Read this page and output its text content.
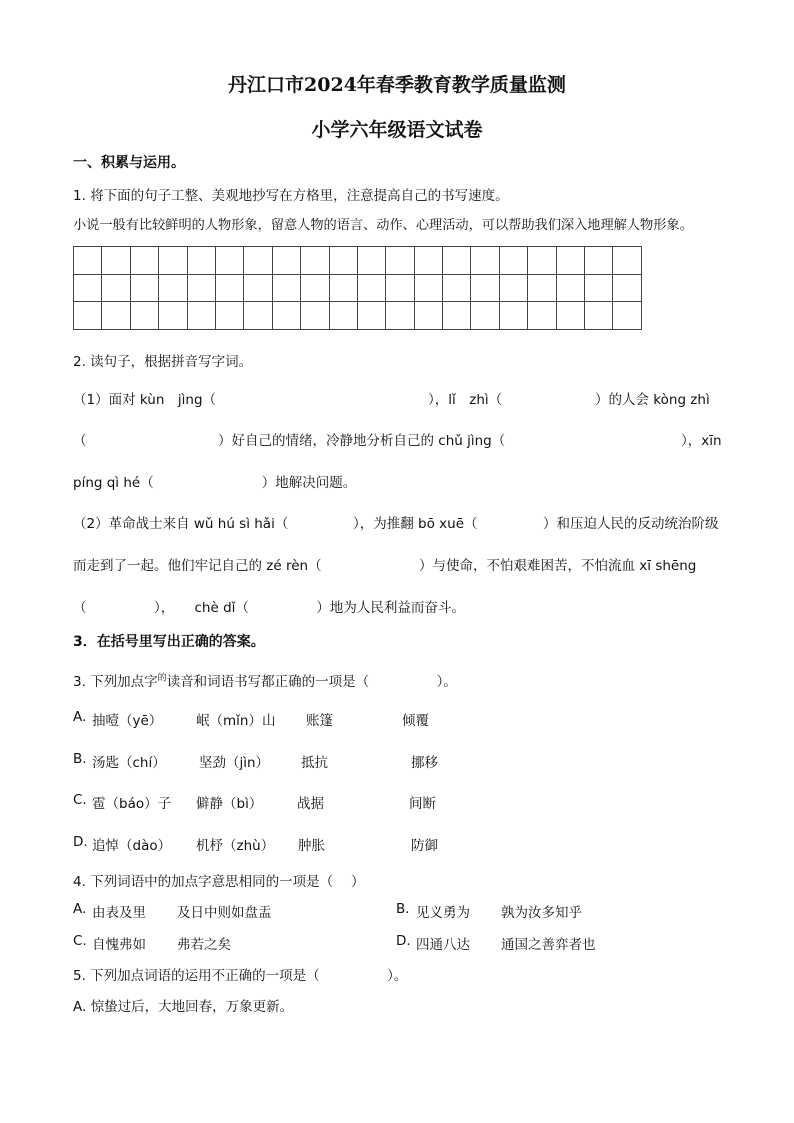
丹江口市2024年春季教育教学质量监测
小学六年级语文试卷
一、积累与运用。
1. 将下面的句子工整、美观地抄写在方格里，注意提高自己的书写速度。
小说一般有比较鲜明的人物形象，留意人物的语言、动作、心理活动，可以帮助我们深入地理解人物形象。

2. 读句子，根据拼音写字词。
（1）面对 kùn　jìng（	），lǐ　zhì（	）的人会 kòng zhì
（	）好自己的情绪，冷静地分析自己的 chǔ jìng（	），xīn
píng qì hé（　　　　　　　　）地解决问题。
（2）革命战士来自 wǔ hú sì hǎi（	），为推翻 bō xuē（	）和压迫人民的反动统治阶级
而走到了一起。他们牢记自己的 zé rèn（	）与使命，不怕艰难困苦，不怕流血 xī shēng
（　　　　　），　　chè dǐ（　　　　　）地为人民利益而奋斗。
3．在括号里写出正确的答案。
3. 下列加点字$^的$读音和词语书写都正确的一项是（　　　　　）。
A. 抽噎（yē） 岷（mǐn）山 账篷	倾覆
B. 汤匙（chí） 坚劲（jìn） 抵抗	挪移
C. 雹（báo）子 僻静（bì）	战据	间断
D. 追悼（dào） 机杼（zhù） 肿胀	防御
4. 下列词语中的加点字意思相同的一项是（　 ）
A. 由表及里 及日中则如盘盂	B. 见义勇为 孰为汝多知乎
C. 自愧弗如 弗若之矣	D. 四通八达 通国之善弈者也
5. 下列加点词语的运用不正确的一项是（　　　　　）。
A. 惊蛰过后，大地回春，万象更新。
